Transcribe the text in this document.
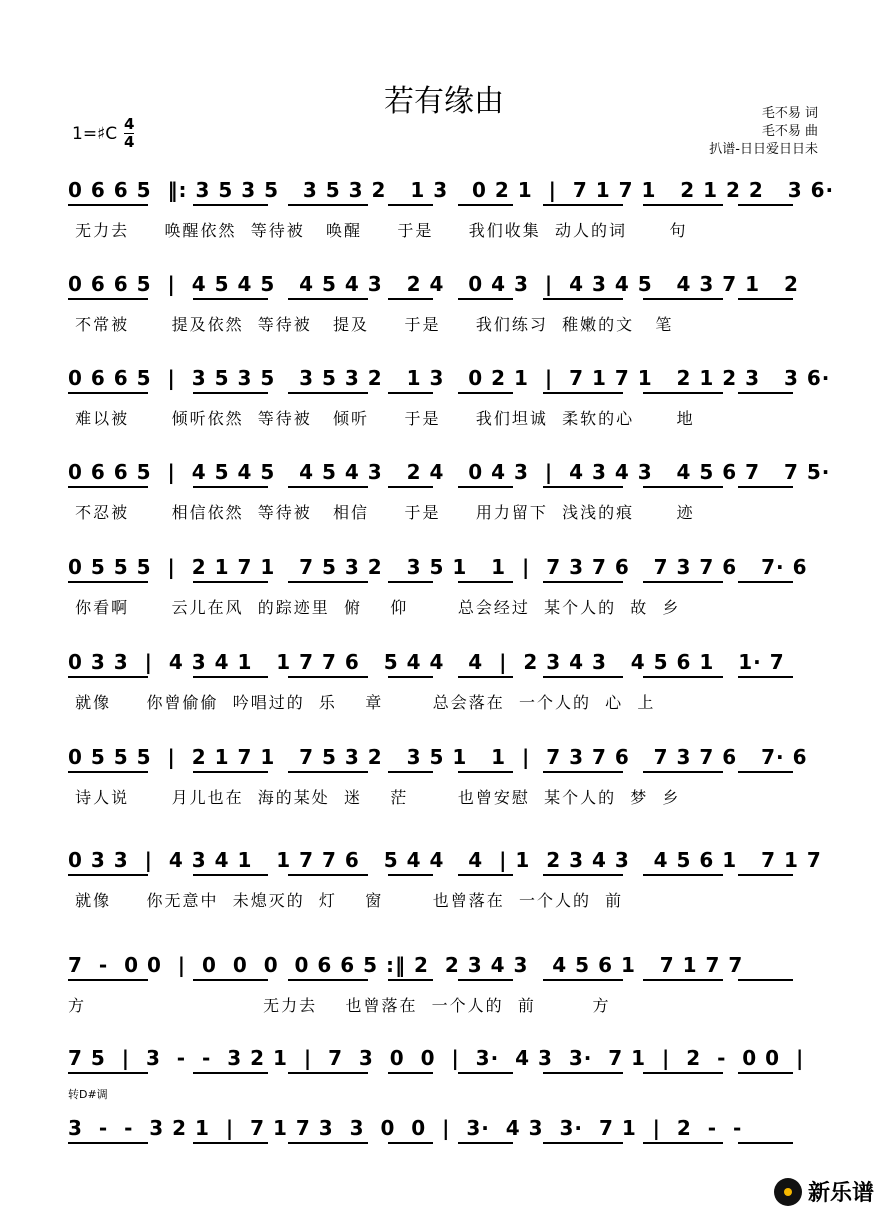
若有缘由	毛不易 词
毛不易 曲
扒谱-日日爱日日未
1=♯C $\frac{4}{4}$
0 6 6 5  ‖: 3 5 3 5   3 5 3 2   1 3   0 2 1  |  7 1 7 1   2 1 2 2   3 6·
无力去     唤醒依然  等待被   唤醒     于是     我们收集  动人的词      句
0 6 6 5  |  4 5 4 5   4 5 4 3   2 4   0 4 3  |  4 3 4 5   4 3 7 1   2
不常被      提及依然  等待被   提及     于是     我们练习  稚嫩的文   笔
0 6 6 5  |  3 5 3 5   3 5 3 2   1 3   0 2 1  |  7 1 7 1   2 1 2 3   3 6·
难以被      倾听依然  等待被   倾听     于是     我们坦诚  柔软的心      地
0 6 6 5  |  4 5 4 5   4 5 4 3   2 4   0 4 3  |  4 3 4 3   4 5 6 7   7 5·
不忍被      相信依然  等待被   相信     于是     用力留下  浅浅的痕      迹
0 5 5 5  |  2 1 7 1   7 5 3 2   3 5 1   1  |  7 3 7 6   7 3 7 6   7· 6
你看啊      云儿在风  的踪迹里  俯    仰       总会经过  某个人的  故  乡
0 3 3  |  4 3 4 1   1 7 7 6   5 4 4   4  |  2 3 4 3   4 5 6 1   1· 7
就像     你曾偷偷  吟唱过的  乐    章       总会落在  一个人的  心  上
0 5 5 5  |  2 1 7 1   7 5 3 2   3 5 1   1  |  7 3 7 6   7 3 7 6   7· 6
诗人说      月儿也在  海的某处  迷    茫       也曾安慰  某个人的  梦  乡
0 3 3  |  4 3 4 1   1 7 7 6   5 4 4   4  | 1  2 3 4 3   4 5 6 1   7 1 7
就像     你无意中  未熄灭的  灯    窗       也曾落在  一个人的  前
7  -  0 0  |  0  0  0  0 6 6 5 :‖ 2  2 3 4 3   4 5 6 1   7 1 7 7
方                         无力去    也曾落在  一个人的  前        方
7 5  |  3  -  -  3 2 1  |  7  3  0  0  |  3·  4 3  3·  7 1  |  2  -  0 0  |
3  -  -  3 2 1  |  7 1 7 3  3  0  0  |  3·  4 3  3·  7 1  |  2  -  -
转D#调
新乐谱
